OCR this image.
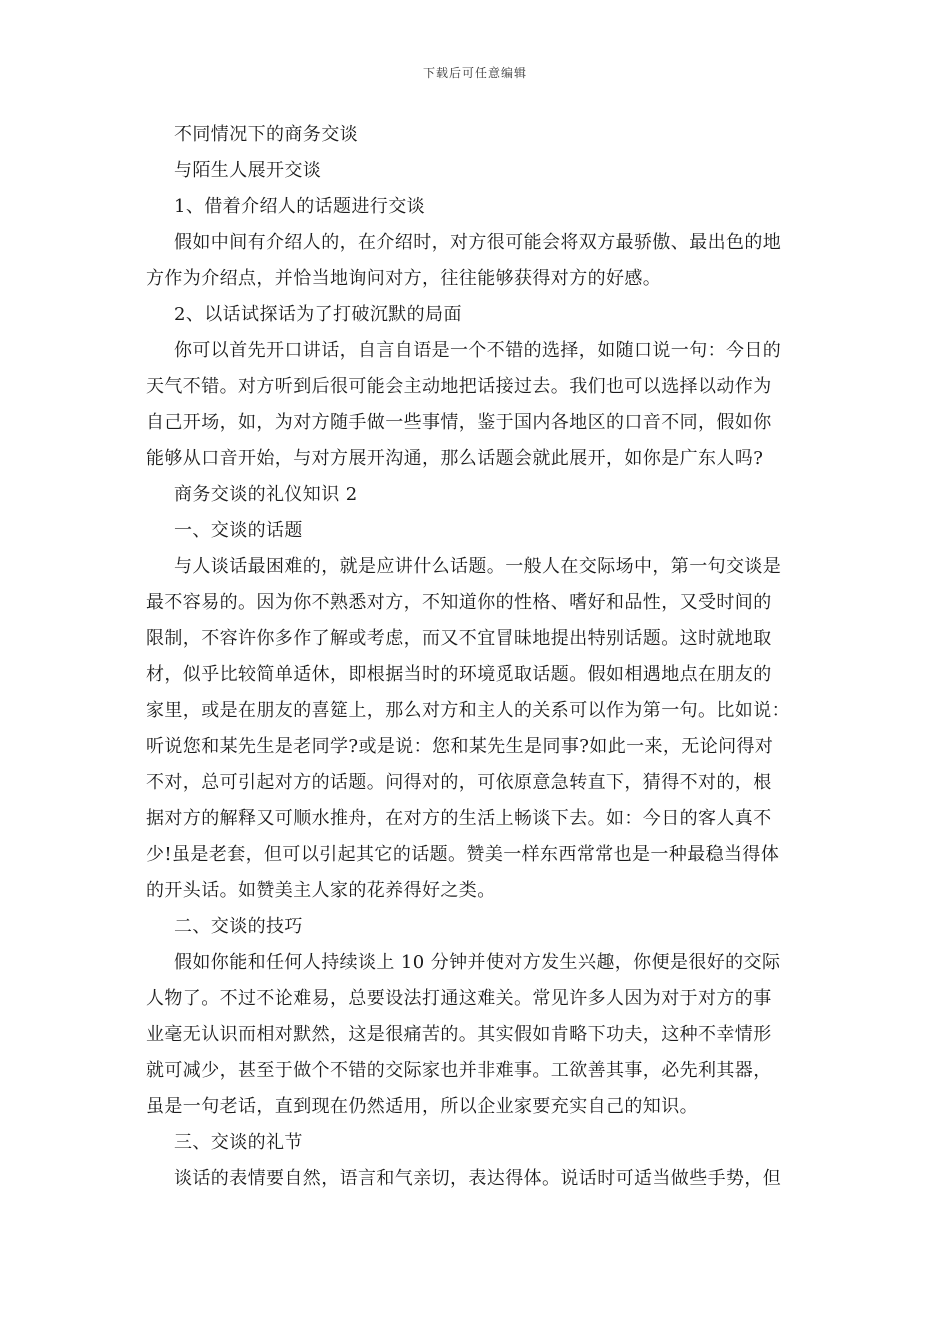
下载后可任意编辑

不同情况下的商务交谈

与陌生人展开交谈

1、借着介绍人的话题进行交谈

假如中间有介绍人的，在介绍时，对方很可能会将双方最骄傲、最出色的地

方作为介绍点，并恰当地询问对方，往往能够获得对方的好感。

2、以话试探话为了打破沉默的局面

你可以首先开口讲话，自言自语是一个不错的选择，如随口说一句：今日的

天气不错。对方听到后很可能会主动地把话接过去。我们也可以选择以动作为

自己开场，如，为对方随手做一些事情，鉴于国内各地区的口音不同，假如你

能够从口音开始，与对方展开沟通，那么话题会就此展开，如你是广东人吗?

商务交谈的礼仪知识 2

一、交谈的话题

与人谈话最困难的，就是应讲什么话题。一般人在交际场中，第一句交谈是

最不容易的。因为你不熟悉对方，不知道你的性格、嗜好和品性，又受时间的

限制，不容许你多作了解或考虑，而又不宜冒昧地提出特别话题。这时就地取

材，似乎比较简单适休，即根据当时的环境觅取话题。假如相遇地点在朋友的

家里，或是在朋友的喜筵上，那么对方和主人的关系可以作为第一句。比如说：

听说您和某先生是老同学?或是说：您和某先生是同事?如此一来，无论问得对

不对，总可引起对方的话题。问得对的，可依原意急转直下，猜得不对的，根

据对方的解释又可顺水推舟，在对方的生活上畅谈下去。如：今日的客人真不

少!虽是老套，但可以引起其它的话题。赞美一样东西常常也是一种最稳当得体

的开头话。如赞美主人家的花养得好之类。

二、交谈的技巧

假如你能和任何人持续谈上 10 分钟并使对方发生兴趣，你便是很好的交际

人物了。不过不论难易，总要设法打通这难关。常见许多人因为对于对方的事

业毫无认识而相对默然，这是很痛苦的。其实假如肯略下功夫，这种不幸情形

就可减少，甚至于做个不错的交际家也并非难事。工欲善其事，必先利其器，

虽是一句老话，直到现在仍然适用，所以企业家要充实自己的知识。

三、交谈的礼节

谈话的表情要自然，语言和气亲切，表达得体。说话时可适当做些手势，但
